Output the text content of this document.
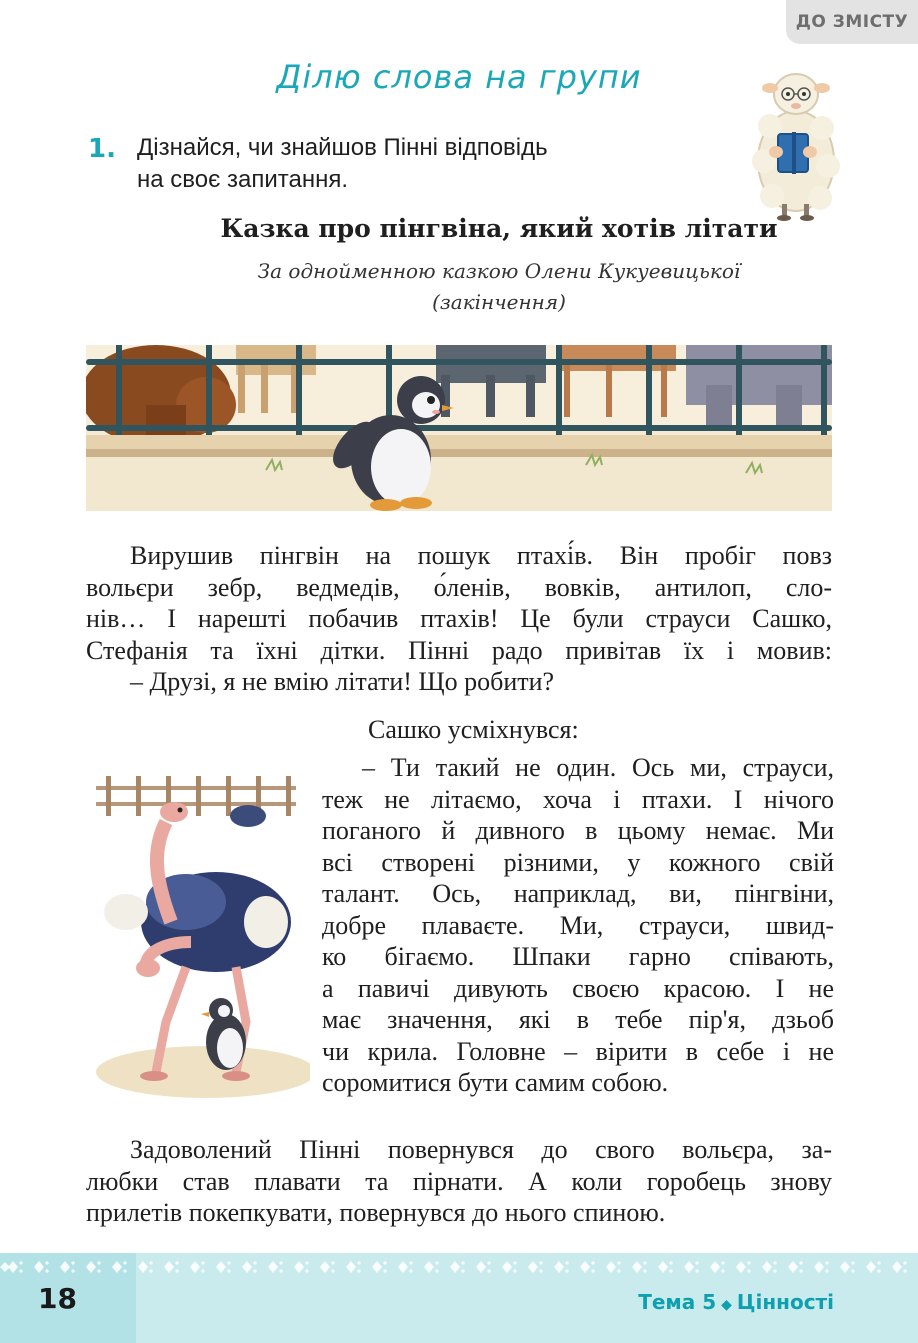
ДО ЗМІСТУ
Ділю слова на групи
1. Дізнайся, чи знайшов Пінні відповідь
на своє запитання.
Казка про пінгвіна, який хотів літати
За однойменною казкою Олени Кукуевицької
(закінчення)
Вирушив пінгвін на пошук птахі́в. Він пробіг повз
вольєри зебр, ведмедів, о́ленів, вовків, антилоп, сло-
нів… І нарешті побачив птахів! Це були страуси Сашко,
Стефанія та їхні дітки. Пінні радо привітав їх і мовив:
– Друзі, я не вмію літати! Що робити?
Сашко усміхнувся:
– Ти такий не один. Ось ми, страуси,
теж не літаємо, хоча і птахи. І нічого
поганого й дивного в цьому немає. Ми
всі створені різними, у кожного свій
талант. Ось, наприклад, ви, пінгвіни,
добре плаваєте. Ми, страуси, швид-
ко бігаємо. Шпаки гарно співають,
а павичі дивують своєю красою. І не
має значення, які в тебе пір'я, дзьоб
чи крила. Головне – вірити в себе і не
соромитися бути самим собою.
Задоволений Пінні повернувся до свого вольєра, за-
любки став плавати та пірнати. А коли горобець знову
прилетів покепкувати, повернувся до нього спиною.
18	Тема 5 ◆ Цінності
